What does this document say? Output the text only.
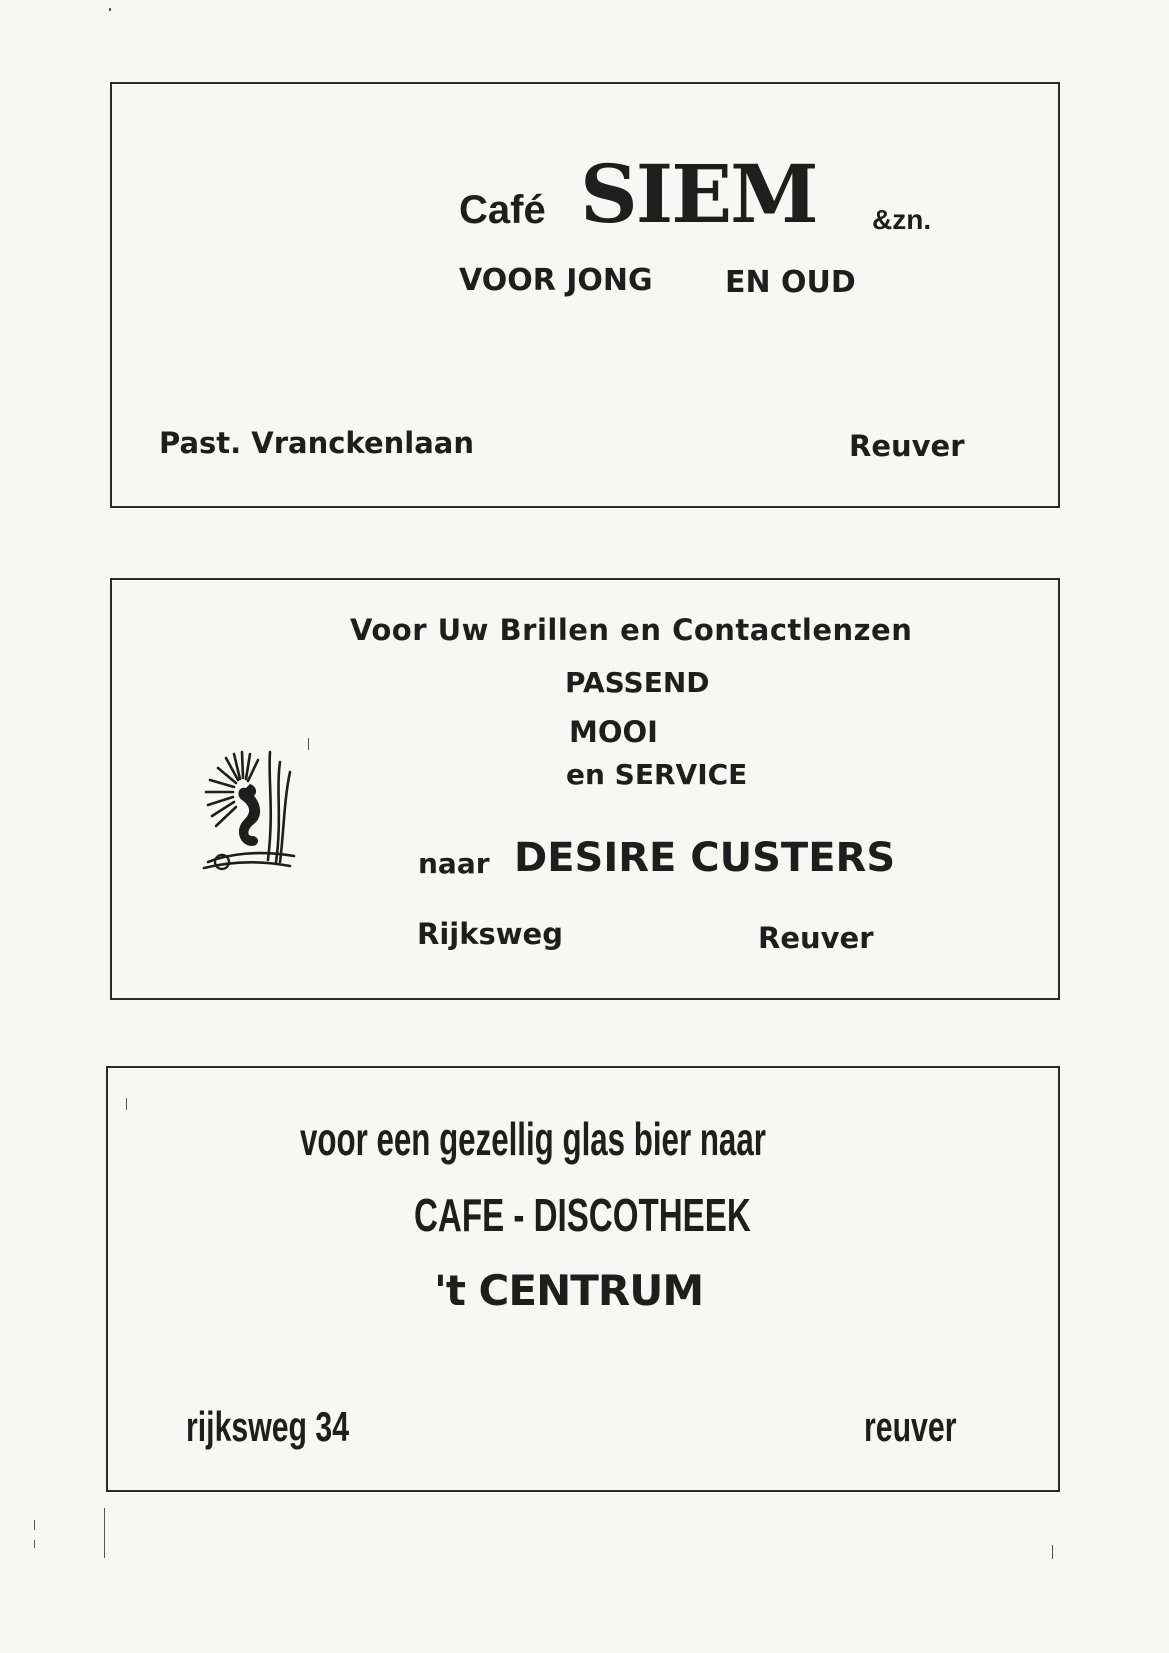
Café SIEM &zn.
VOOR JONG EN OUD
Past. Vranckenlaan	Reuver
Voor Uw Brillen en Contactlenzen
PASSEND
MOOI
en SERVICE
naar DESIRE CUSTERS
Rijksweg	Reuver
voor een gezellig glas bier naar
CAFE - DISCOTHEEK
't CENTRUM
rijksweg 34	reuver
